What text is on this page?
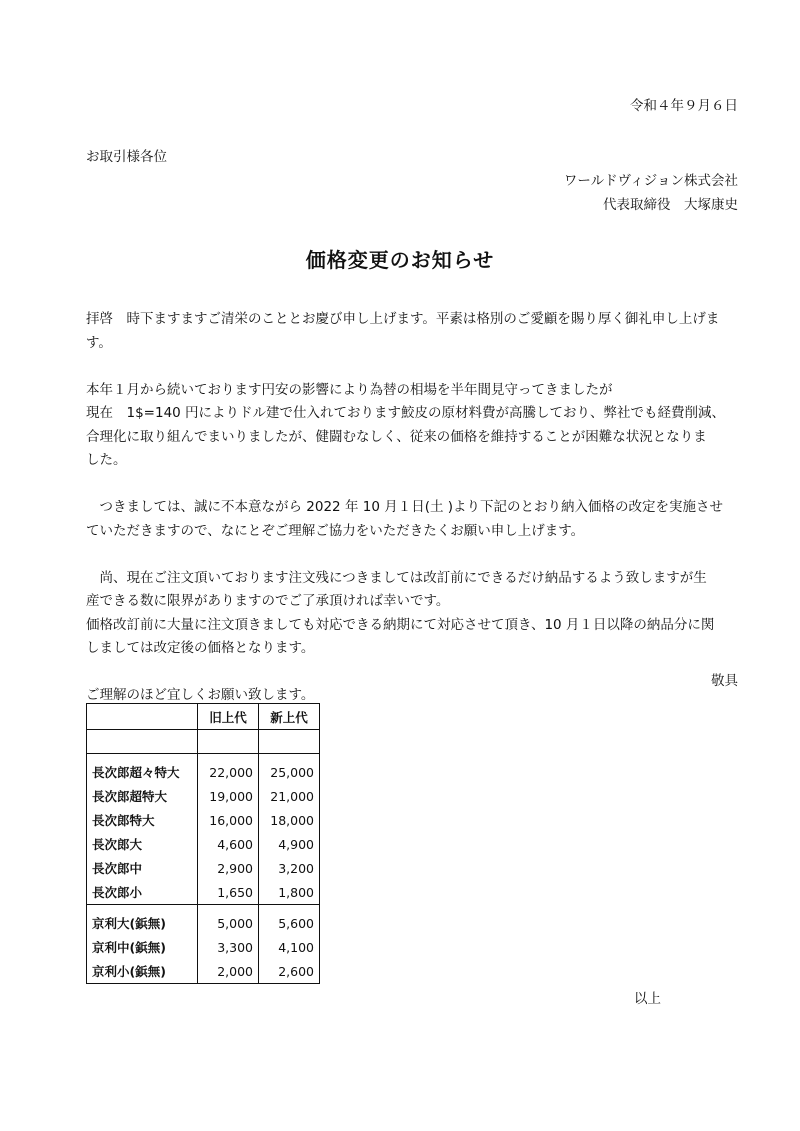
令和４年９月６日
お取引様各位
ワールドヴィジョン株式会社
代表取締役　大塚康史
価格変更のお知らせ

拝啓　時下ますますご清栄のこととお慶び申し上げます。平素は格別のご愛顧を賜り厚く御礼申し上げま

す。

本年１月から続いております円安の影響により為替の相場を半年間見守ってきましたが

現在　1$=140 円によりドル建で仕入れております鮫皮の原材料費が高騰しており、弊社でも経費削減、

合理化に取り組んでまいりましたが、健闘むなしく、従来の価格を維持することが困難な状況となりま

した。

　つきましては、誠に不本意ながら 2022 年 10 月１日(土 )より下記のとおり納入価格の改定を実施させ

ていただきますので、なにとぞご理解ご協力をいただきたくお願い申し上げます。

　尚、現在ご注文頂いております注文残につきましては改訂前にできるだけ納品するよう致しますが生

産できる数に限界がありますのでご了承頂ければ幸いです。

価格改訂前に大量に注文頂きましても対応できる納期にて対応させて頂き、10 月１日以降の納品分に関

しましては改定後の価格となります。

ご理解のほど宜しくお願い致します。

敬具
	旧上代	新上代

長次郎超々特大	22,000	25,000
長次郎超特大	19,000	21,000
長次郎特大	16,000	18,000
長次郎大	4,600	4,900
長次郎中	2,900	3,200
長次郎小	1,650	1,800
京利大(鋲無)	5,000	5,600
京利中(鋲無)	3,300	4,100
京利小(鋲無)	2,000	2,600
以上
